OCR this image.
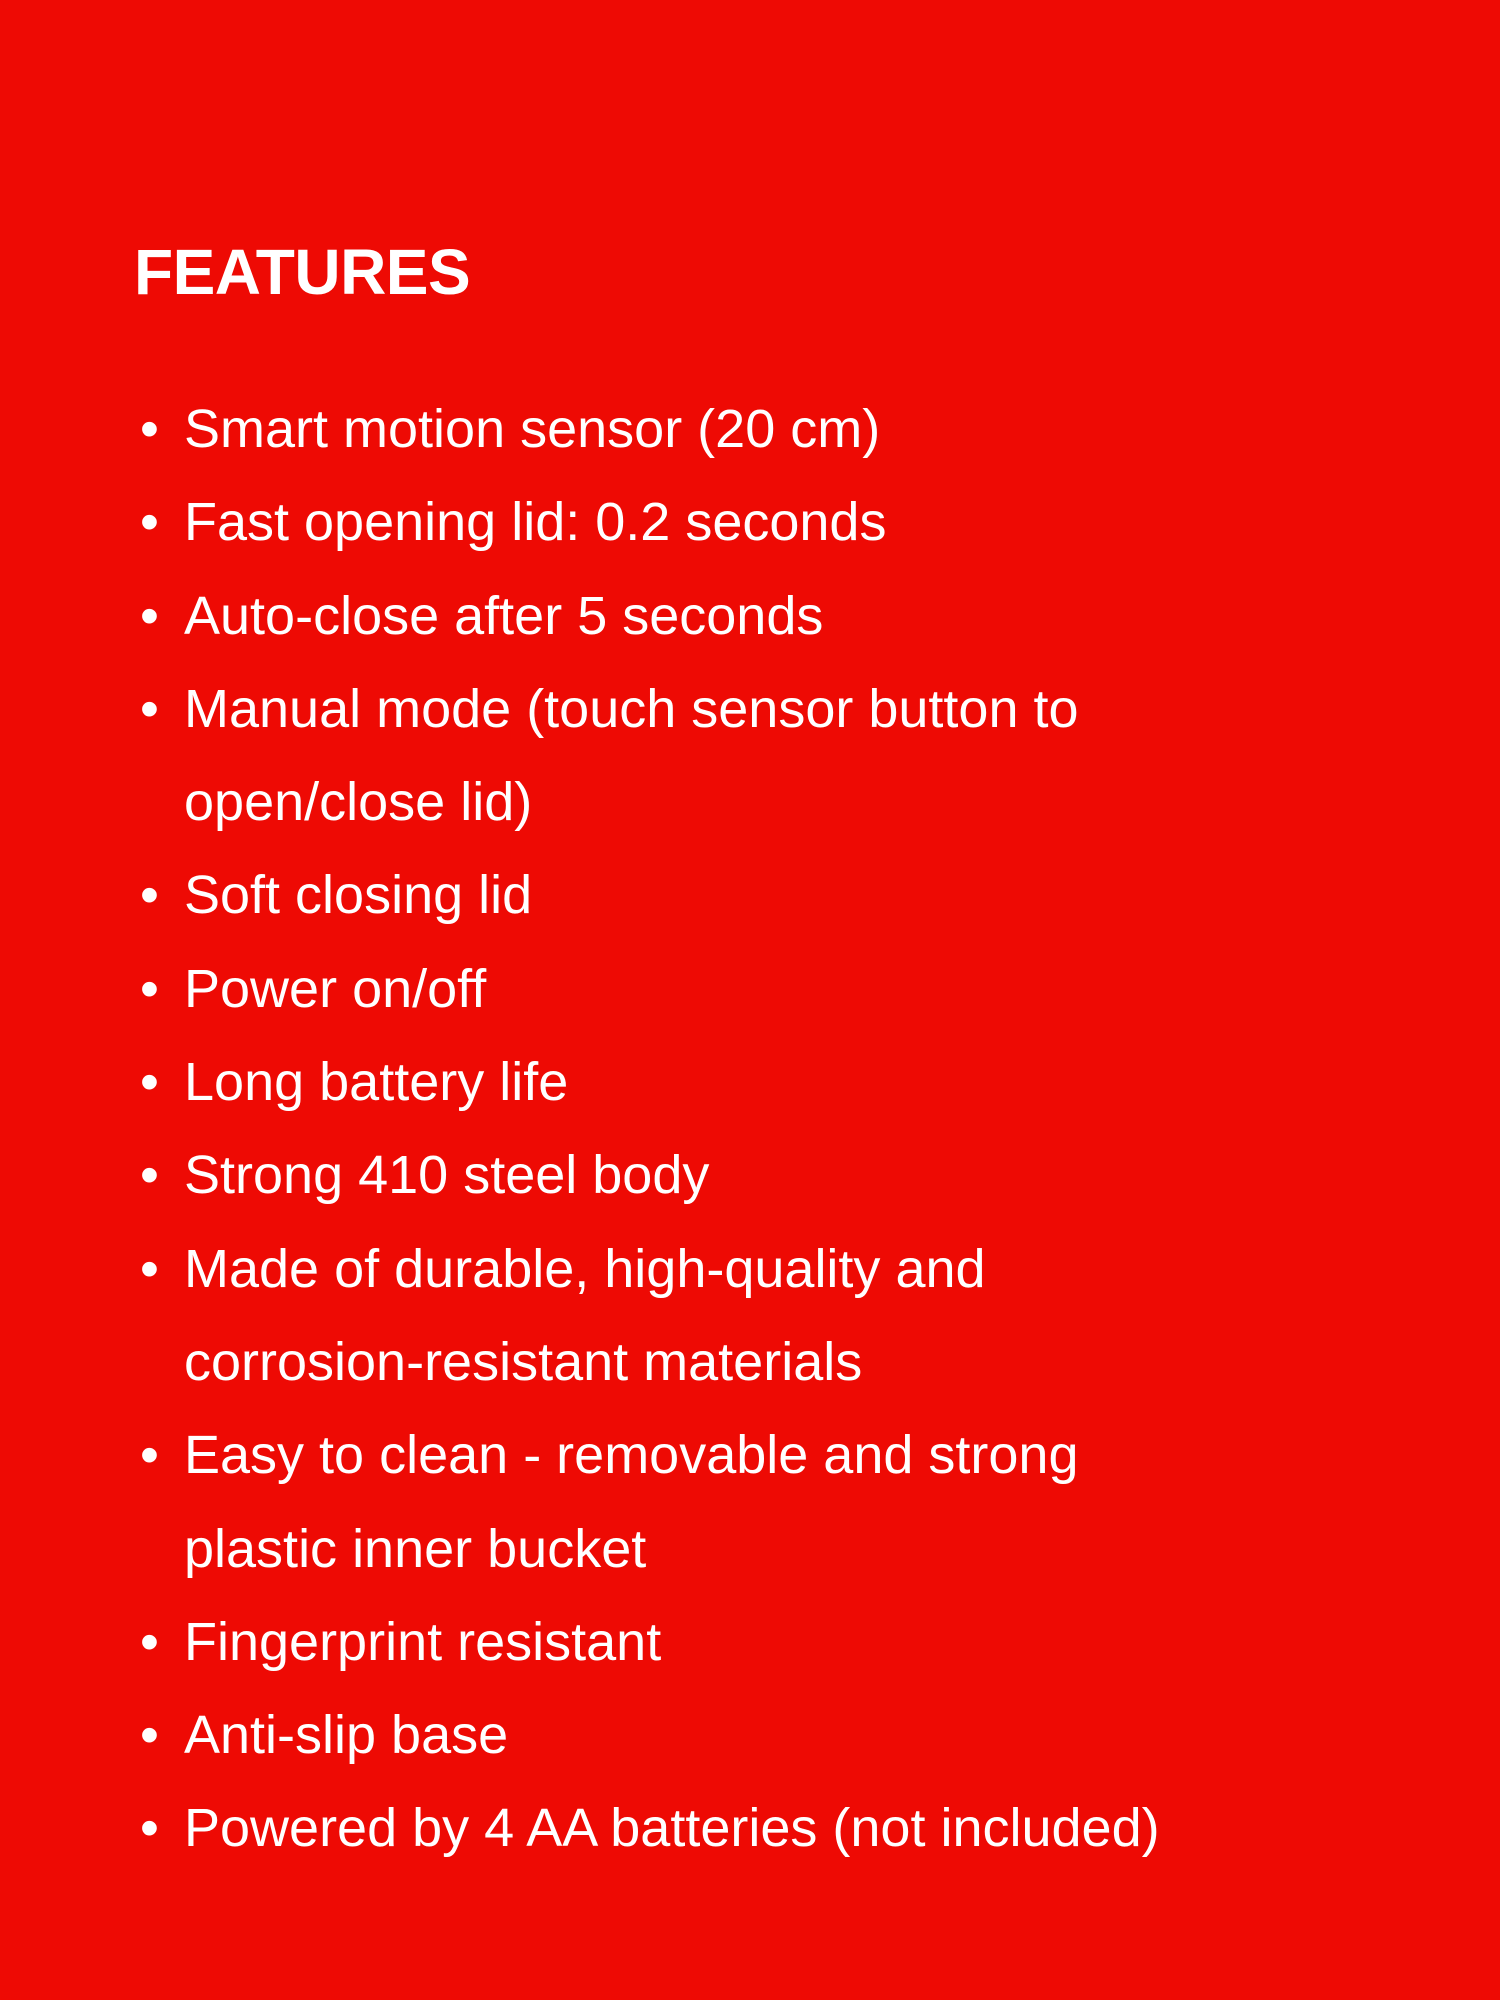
FEATURES
• Smart motion sensor (20 cm)
• Fast opening lid: 0.2 seconds
• Auto-close after 5 seconds
• Manual mode (touch sensor button to
open/close lid)
• Soft closing lid
• Power on/off
• Long battery life
• Strong 410 steel body
• Made of durable, high-quality and
corrosion-resistant materials
• Easy to clean - removable and strong
plastic inner bucket
• Fingerprint resistant
• Anti-slip base
• Powered by 4 AA batteries (not included)
